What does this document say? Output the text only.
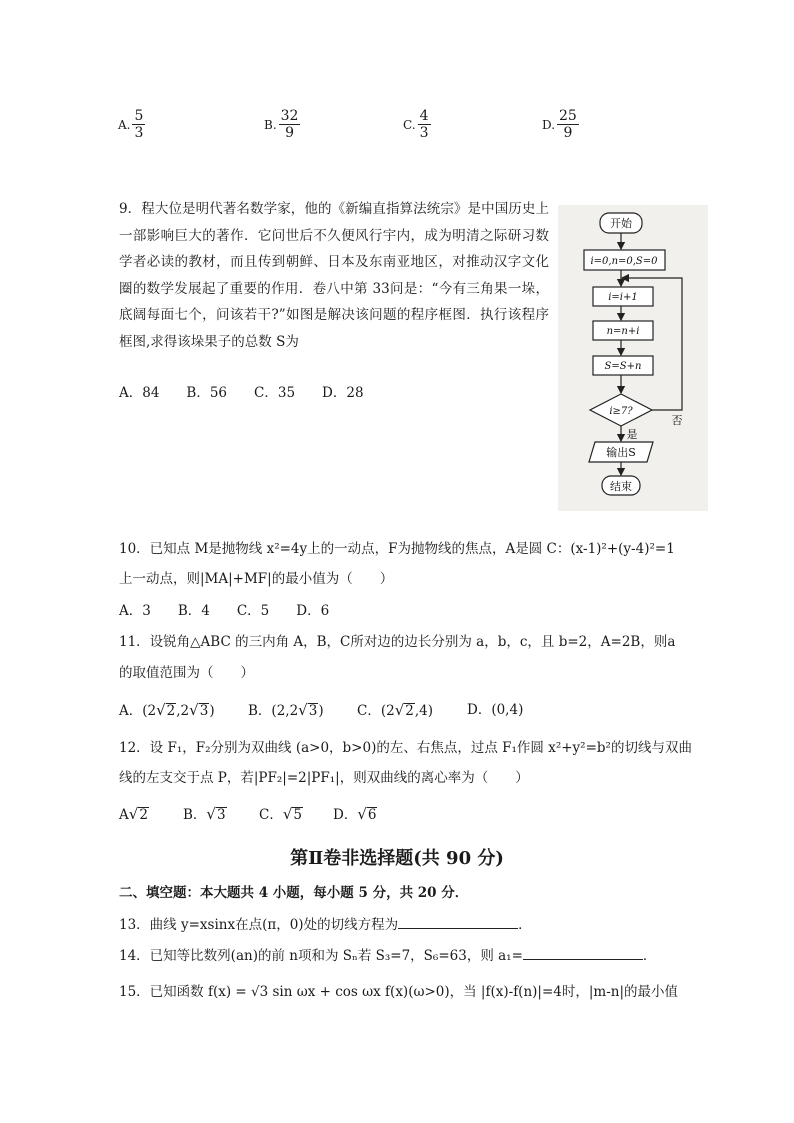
A. $\frac{5}{3}$	B. $\frac{32}{9}$	C. $\frac{4}{3}$	D. $\frac{25}{9}$
9．程大位是明代著名数学家，他的《新编直指算法统宗》是中国历史上一部影响巨大的著作．它问世后不久便风行宇内，成为明清之际研习数学者必读的教材，而且传到朝鲜、日本及东南亚地区，对推动汉字文化圈的数学发展起了重要的作用．卷八中第 33问是：“今有三角果一垛，底阔每面七个，问该若干?”如图是解决该问题的程序框图．执行该程序框图,求得该垛果子的总数 S为
A．84　　B．56　　C．35　　D．28
开始
i=0,n=0,S=0
i=i+1
n=n+i
S=S+n
i≥7?
否
是
输出S
结束
10．已知点 M是抛物线 x²=4y上的一动点，F为抛物线的焦点，A是圆 C：(x-1)²+(y-4)²=1
上一动点，则|MA|+MF|的最小值为（　　）
A．3　　B．4　　C．5　　D．6
11．设锐角△ABC 的三内角 A，B，C所对边的边长分别为 a，b，c，且 b=2，A=2B，则a
的取值范围为（　　）
A．(2√2,2√3) B．(2,2√3) C．(2√2,4)	D．(0,4)
12．设 F₁，F₂分别为双曲线 (a>0，b>0)的左、右焦点，过点 F₁作圆 x²+y²=b²的切线与双曲
线的左支交于点 P，若|PF₂|=2|PF₁|，则双曲线的离心率为（　　）
A√2	B．√3 C．√5 D．√6
第Ⅱ卷非选择题(共 90 分)
二、填空题：本大题共 4 小题，每小题 5 分，共 20 分．
13．曲线 y=xsinx在点(π，0)处的切线方程为	．
14．已知等比数列(an)的前 n项和为 Sₙ若 S₃=7，S₆=63，则 a₁=	．
15．已知函数 f(x) = √3 sin ωx + cos ωx f(x)(ω>0)，当 |f(x)-f(n)|=4时，|m-n|的最小值
